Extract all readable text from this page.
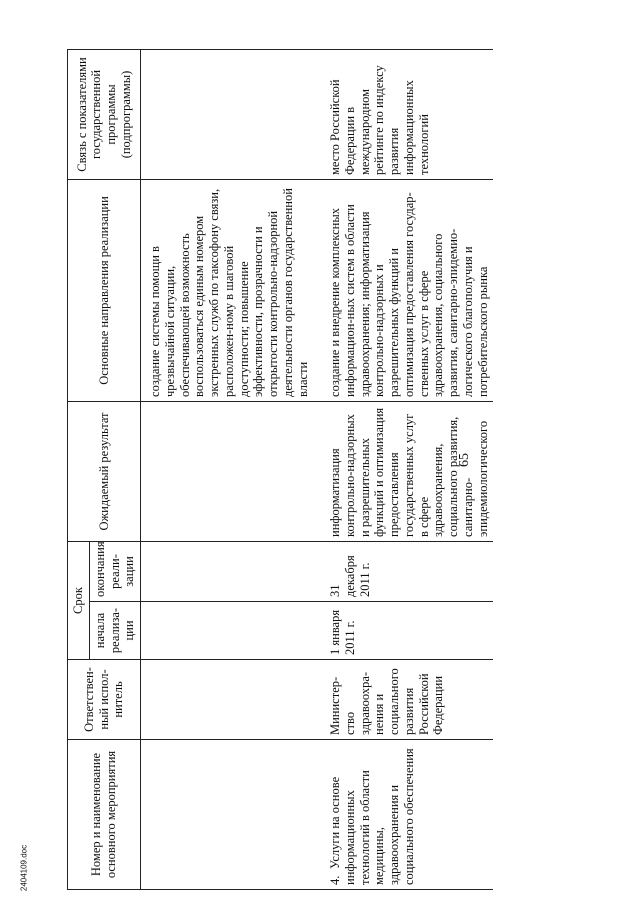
65
Номер и наименование основного мероприятия	Ответствен-ный испол-нитель	Срок		Ожидаемый результат	Основные направления реализации	Связь с показателями государственной программы (подпрограммы)
		начала реализа-ции	окончания реали-зации			

					создание системы помощи в чрезвычайной ситуации, обеспечивающей возможность воспользоваться единым номером экстренных служб по таксофону связи, расположен-ному в шаговой доступности; повышение эффективности, прозрачности и открытости контрольно-надзорной деятельности органов государственной власти	

4.Услуги на основе информационных технологий в области медицины, здравоохранения и социального обеспечения	Министер-ство здравоохра-нения и социального развития Российской Федерации	1 января 2011 г.	31 декабря 2011 г.	информатизация контрольно-надзорных и разрешительных функций и оптимизация предоставления государственных услуг в сфере здравоохранения, социального развития, санитарно-эпидемиологического	создание и внедрение комплексных информацион-ных систем в области здравоохранения; информатизация контрольно-надзорных и разрешительных функций и оптимизация предоставления государ-ственных услуг в сфере здравоохранения, социального развития, санитарно-эпидемио-логического благополучия и потребительского рынка	место Российской Федерации в международном рейтинге по индексу развития информационных технологий
2404109.doc
